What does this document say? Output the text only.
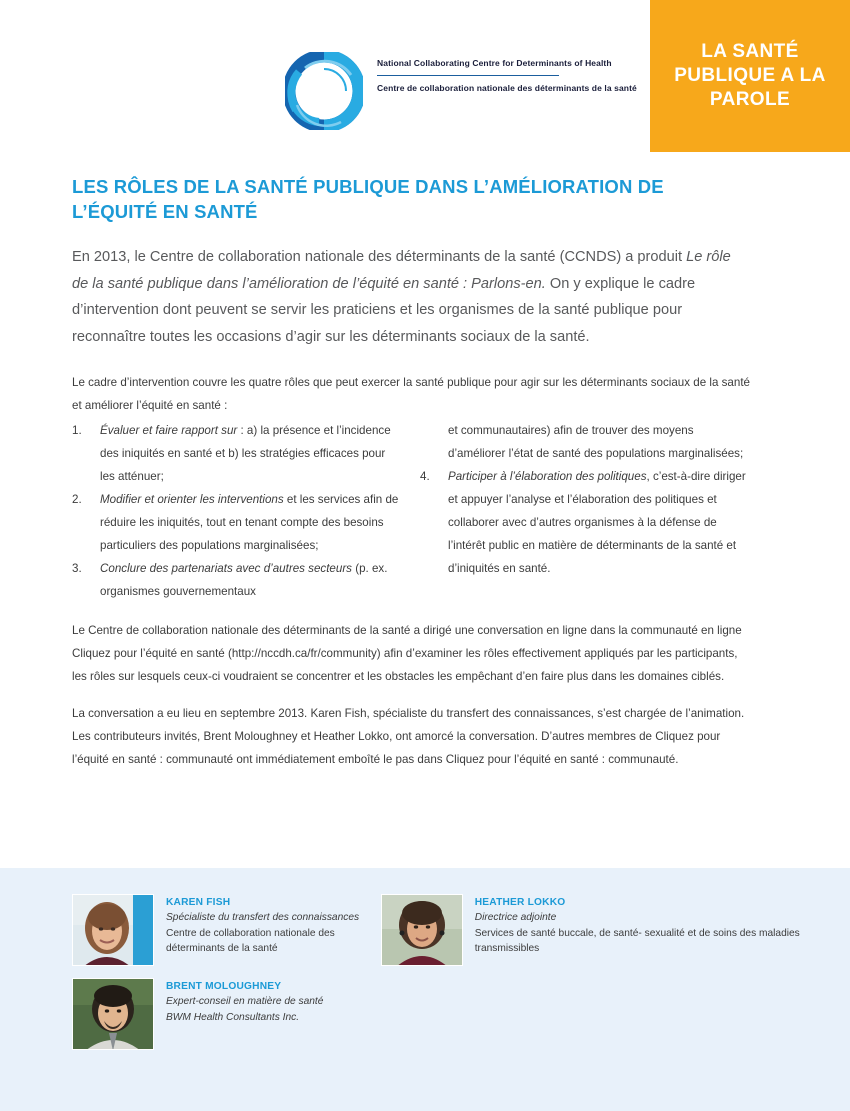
LA SANTÉ PUBLIQUE A LA PAROLE
National Collaborating Centre for Determinants of Health
Centre de collaboration nationale des déterminants de la santé
LES RÔLES DE LA SANTÉ PUBLIQUE DANS L’AMÉLIORATION DE L’ÉQUITÉ EN SANTÉ

En 2013, le Centre de collaboration nationale des déterminants de la santé (CCNDS) a produit Le rôle de la santé publique dans l’amélioration de l’équité en santé : Parlons-en. On y explique le cadre d’intervention dont peuvent se servir les praticiens et les organismes de la santé publique pour reconnaître toutes les occasions d’agir sur les déterminants sociaux de la santé.

Le cadre d’intervention couvre les quatre rôles que peut exercer la santé publique pour agir sur les déterminants sociaux de la santé et améliorer l’équité en santé :

1.	Évaluer et faire rapport sur : a) la présence et l’incidence des iniquités en santé et b) les stratégies efficaces pour les atténuer;
2.	Modifier et orienter les interventions et les services afin de réduire les iniquités, tout en tenant compte des besoins particuliers des populations marginalisées;
3.	Conclure des partenariats avec d’autres secteurs (p. ex. organismes gouvernementaux
et communautaires) afin de trouver des moyens d’améliorer l’état de santé des populations marginalisées;
4.	Participer à l’élaboration des politiques, c’est-à-dire diriger et appuyer l’analyse et l’élaboration des politiques et collaborer avec d’autres organismes à la défense de l’intérêt public en matière de déterminants de la santé et d’iniquités en santé.

Le Centre de collaboration nationale des déterminants de la santé a dirigé une conversation en ligne dans la communauté en ligne Cliquez pour l’équité en santé (http://nccdh.ca/fr/community) afin d’examiner les rôles effectivement appliqués par les participants, les rôles sur lesquels ceux-ci voudraient se concentrer et les obstacles les empêchant d’en faire plus dans les domaines ciblés.

La conversation a eu lieu en septembre 2013. Karen Fish, spécialiste du transfert des connaissances, s’est chargée de l’animation. Les contributeurs invités, Brent Moloughney et Heather Lokko, ont amorcé la conversation. D’autres membres de Cliquez pour l’équité en santé : communauté ont immédiatement emboîté le pas dans Cliquez pour l’équité en santé : communauté.

KAREN FISH
Spécialiste du transfert des connaissances
Centre de collaboration nationale des déterminants de la santé
HEATHER LOKKO
Directrice adjointe
Services de santé buccale, de santé- sexualité et de soins des maladies transmissibles
BRENT MOLOUGHNEY
Expert-conseil en matière de santé
BWM Health Consultants Inc.
